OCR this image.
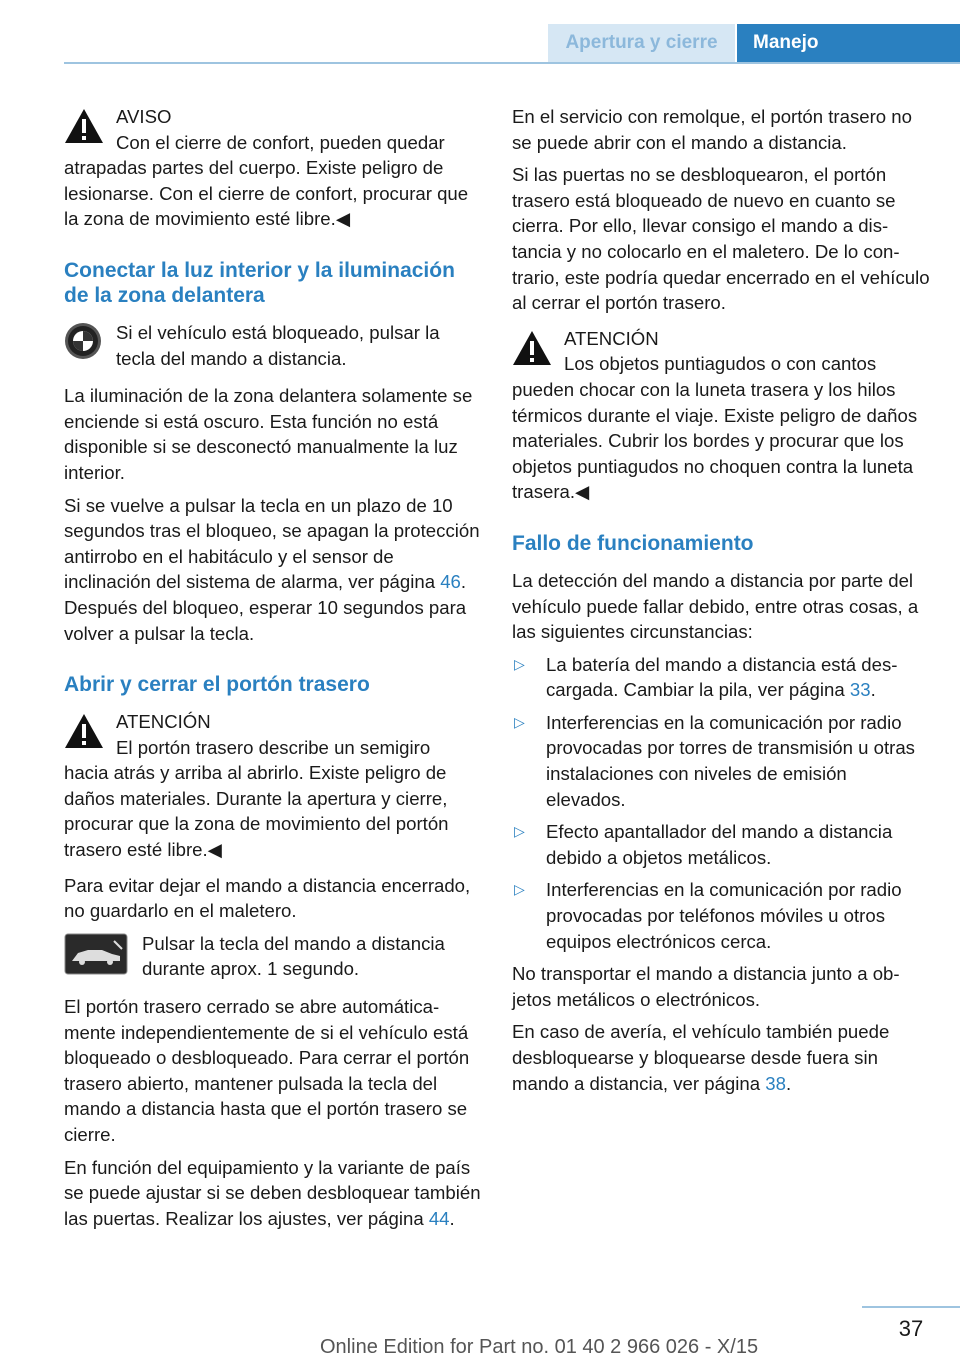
Apertura y cierre	Manejo
AVISO
Con el cierre de confort, pueden quedar
atrapadas partes del cuerpo. Existe peligro de lesionarse. Con el cierre de confort, procurar que la zona de movimiento esté libre.◀
Conectar la luz interior y la iluminación de la zona delantera
Si el vehículo está bloqueado, pulsar la tecla del mando a distancia.

La iluminación de la zona delantera solamente se enciende si está oscuro. Esta función no está disponible si se desconectó manualmente la luz interior.

Si se vuelve a pulsar la tecla en un plazo de 10 segundos tras el bloqueo, se apagan la protección antirrobo en el habitáculo y el sensor de inclinación del sistema de alarma, ver página 46. Después del bloqueo, esperar 10 segundos para volver a pulsar la tecla.

Abrir y cerrar el portón trasero
ATENCIÓN
El portón trasero describe un semigiro
hacia atrás y arriba al abrirlo. Existe peligro de daños materiales. Durante la apertura y cierre, procurar que la zona de movimiento del portón trasero esté libre.◀

Para evitar dejar el mando a distancia encerrado, no guardarlo en el maletero.

Pulsar la tecla del mando a distancia durante aprox. 1 segundo.

El portón trasero cerrado se abre automáticamente independientemente de si el vehículo está bloqueado o desbloqueado. Para cerrar el portón trasero abierto, mantener pulsada la tecla del mando a distancia hasta que el portón trasero se cierre.

En función del equipamiento y la variante de país se puede ajustar si se deben desbloquear también las puertas. Realizar los ajustes, ver página 44.

En el servicio con remolque, el portón trasero no se puede abrir con el mando a distancia.

Si las puertas no se desbloquearon, el portón trasero está bloqueado de nuevo en cuanto se cierra. Por ello, llevar consigo el mando a distancia y no colocarlo en el maletero. De lo contrario, este podría quedar encerrado en el vehículo al cerrar el portón trasero.

ATENCIÓN
Los objetos puntiagudos o con cantos
pueden chocar con la luneta trasera y los hilos térmicos durante el viaje. Existe peligro de daños materiales. Cubrir los bordes y procurar que los objetos puntiagudos no choquen contra la luneta trasera.◀
Fallo de funcionamiento

La detección del mando a distancia por parte del vehículo puede fallar debido, entre otras cosas, a las siguientes circunstancias:

▷ La batería del mando a distancia está descargada. Cambiar la pila, ver página 33.
▷ Interferencias en la comunicación por radio provocadas por torres de transmisión u otras instalaciones con niveles de emisión elevados.
▷ Efecto apantallador del mando a distancia debido a objetos metálicos.
▷ Interferencias en la comunicación por radio provocadas por teléfonos móviles u otros equipos electrónicos cerca.

No transportar el mando a distancia junto a objetos metálicos o electrónicos.

En caso de avería, el vehículo también puede desbloquearse y bloquearse desde fuera sin mando a distancia, ver página 38.

37
Online Edition for Part no. 01 40 2 966 026 - X/15
